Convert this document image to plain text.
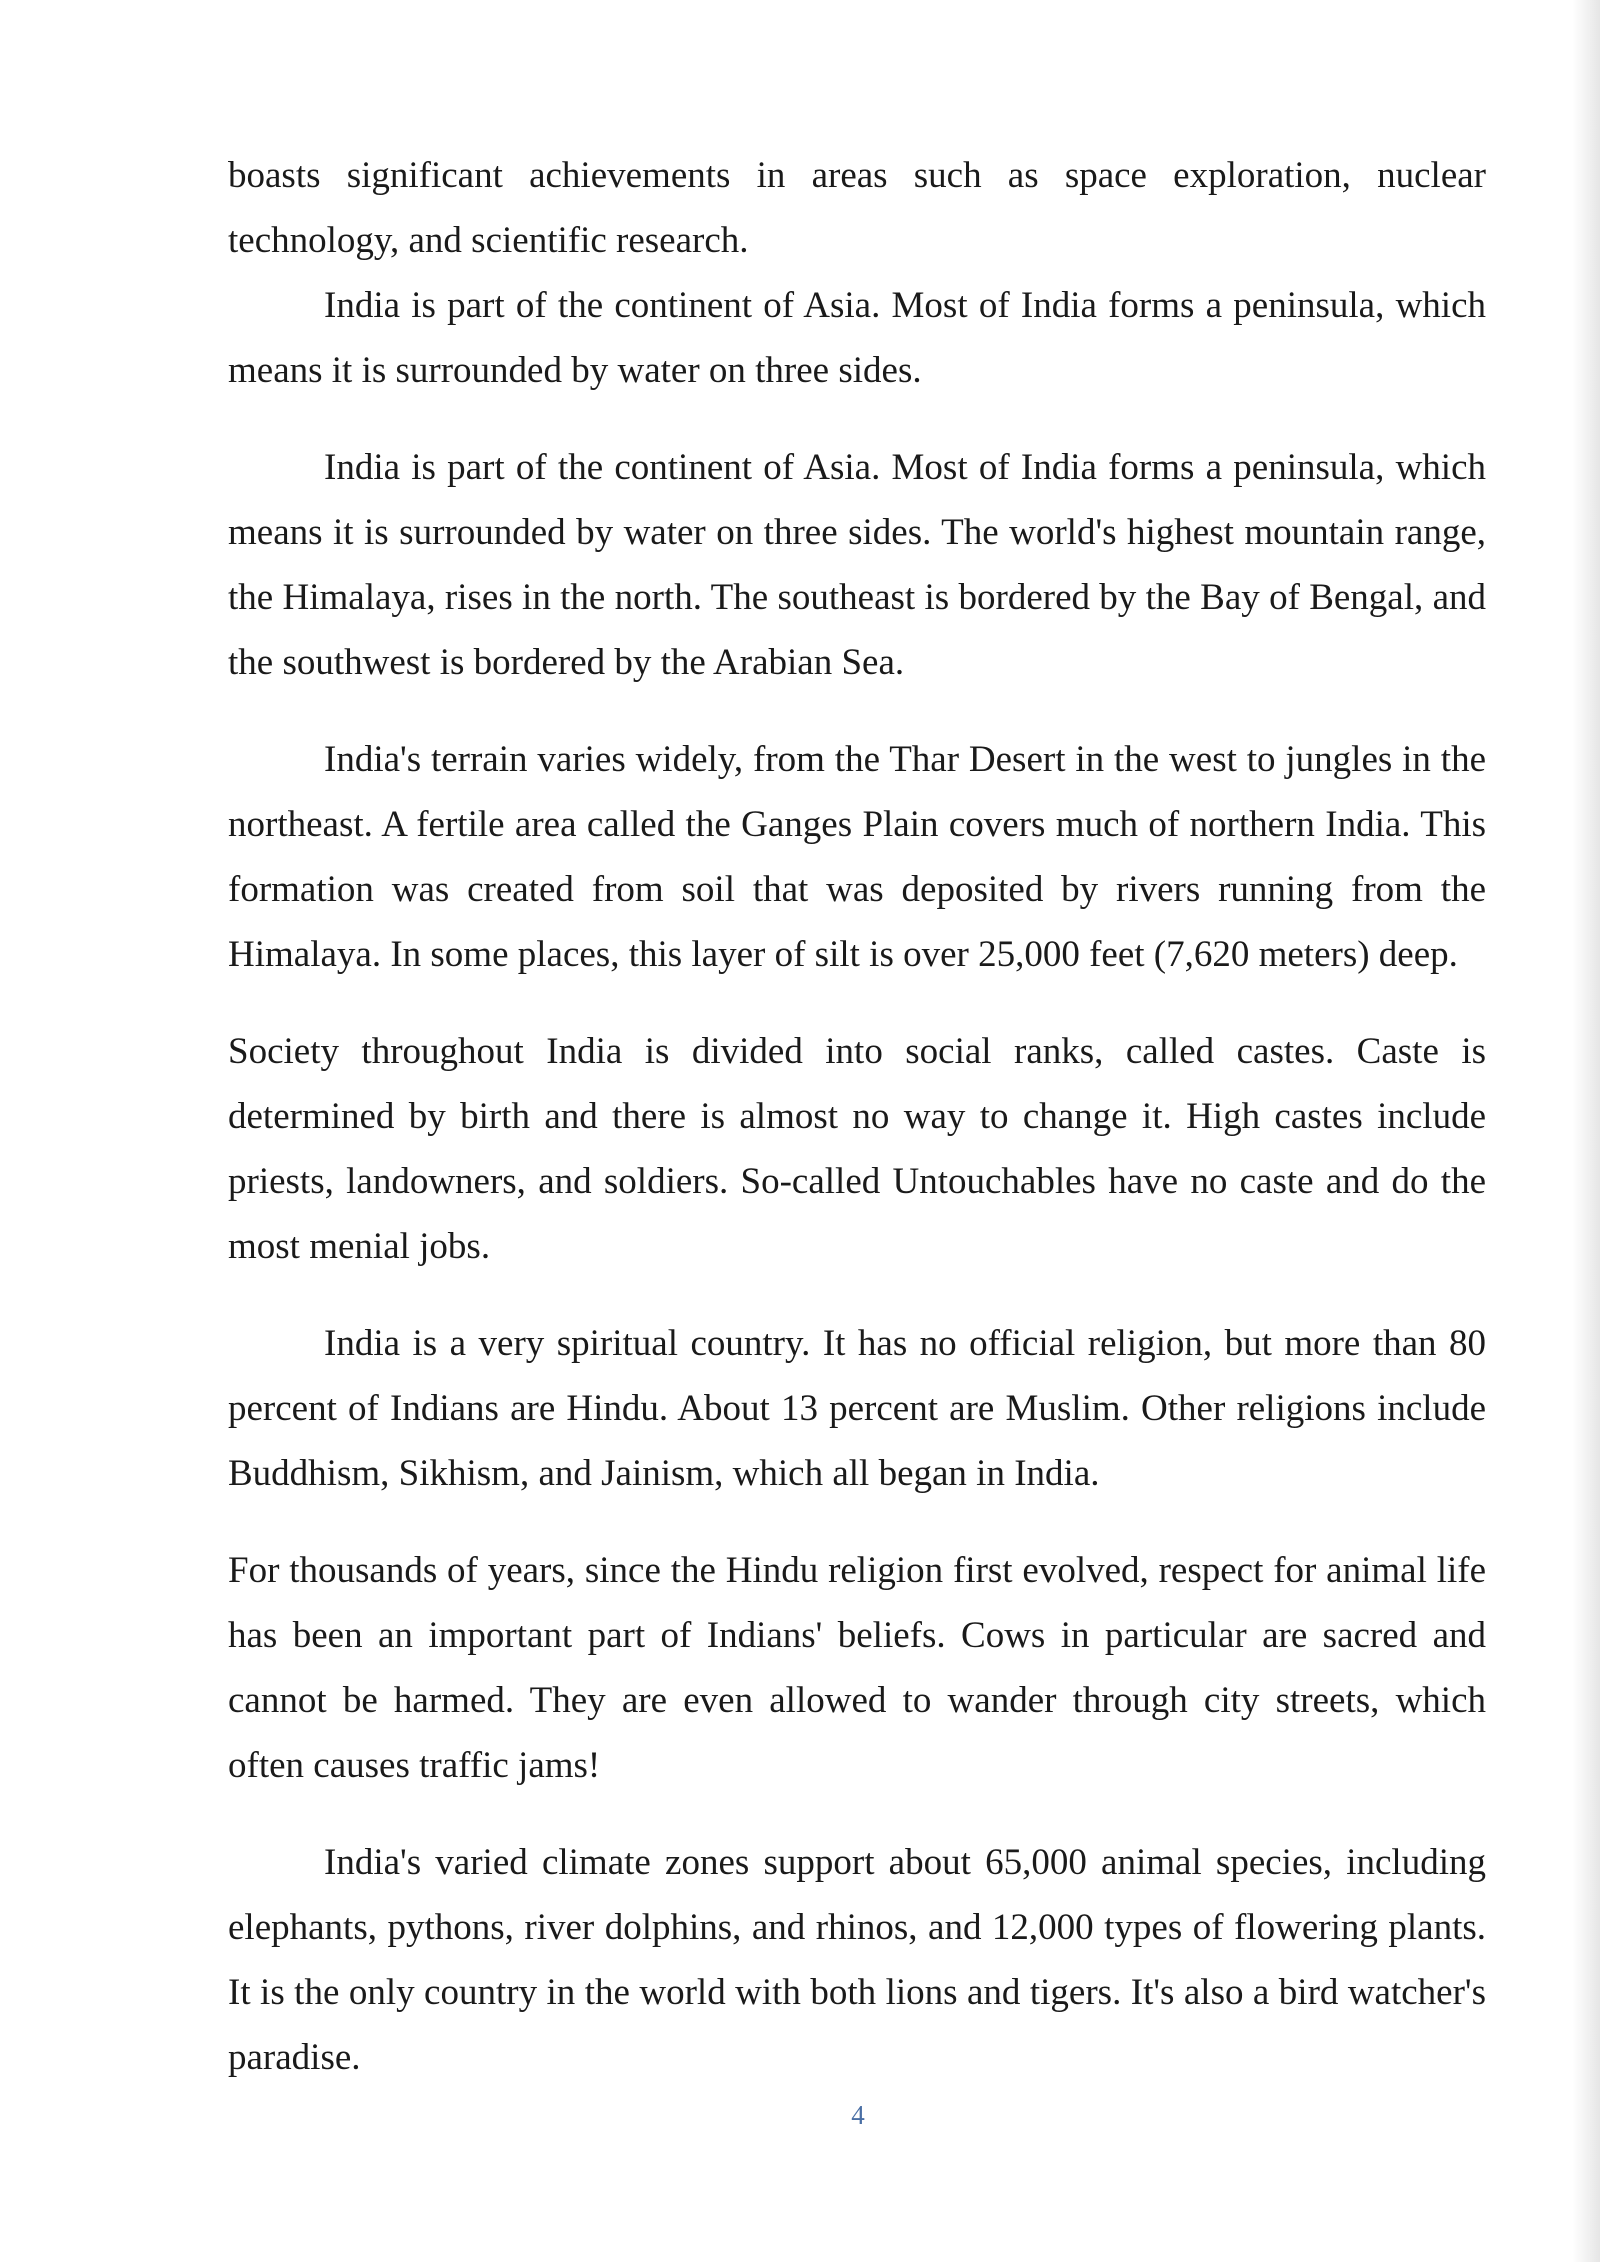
boasts significant achievements in areas such as space exploration, nuclear technology, and scientific research.

India is part of the continent of Asia. Most of India forms a peninsula, which means it is surrounded by water on three sides.

India is part of the continent of Asia. Most of India forms a peninsula, which means it is surrounded by water on three sides. The world's highest mountain range, the Himalaya, rises in the north. The southeast is bordered by the Bay of Bengal, and the southwest is bordered by the Arabian Sea.

India's terrain varies widely, from the Thar Desert in the west to jungles in the northeast. A fertile area called the Ganges Plain covers much of northern India. This formation was created from soil that was deposited by rivers running from the Himalaya. In some places, this layer of silt is over 25,000 feet (7,620 meters) deep.

Society throughout India is divided into social ranks, called castes. Caste is determined by birth and there is almost no way to change it. High castes include priests, landowners, and soldiers. So-called Untouchables have no caste and do the most menial jobs.

India is a very spiritual country. It has no official religion, but more than 80 percent of Indians are Hindu. About 13 percent are Muslim. Other religions include Buddhism, Sikhism, and Jainism, which all began in India.

For thousands of years, since the Hindu religion first evolved, respect for animal life has been an important part of Indians' beliefs. Cows in particular are sacred and cannot be harmed. They are even allowed to wander through city streets, which often causes traffic jams!

India's varied climate zones support about 65,000 animal species, including elephants, pythons, river dolphins, and rhinos, and 12,000 types of flowering plants. It is the only country in the world with both lions and tigers. It's also a bird watcher's paradise.

4
